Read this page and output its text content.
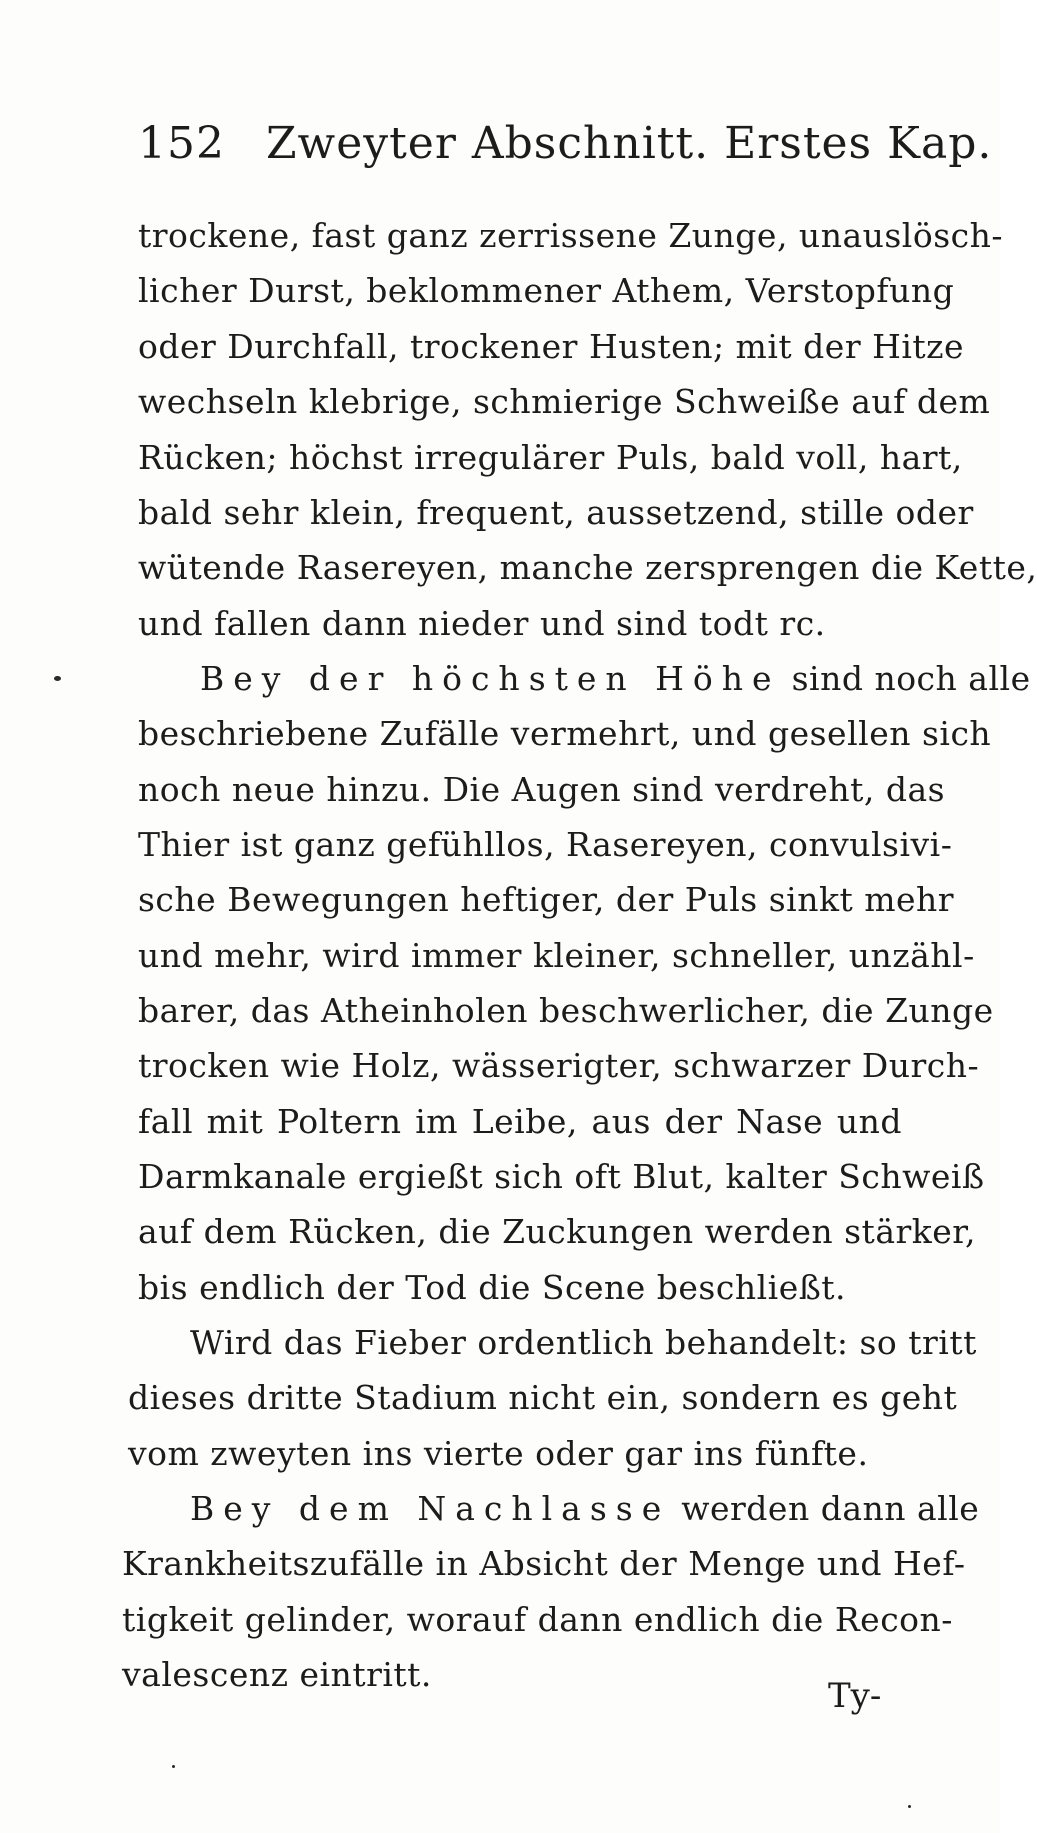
152 Zweyter Abschnitt. Erstes Kap.
trockene, fast ganz zerrissene Zunge, unauslösch-
licher Durst, beklommener Athem, Verstopfung
oder Durchfall, trockener Husten; mit der Hitze
wechseln klebrige, schmierige Schweiße auf dem
Rücken; höchst irregulärer Puls, bald voll, hart,
bald sehr klein, frequent, aussetzend, stille oder
wütende Rasereyen, manche zersprengen die Kette,
und fallen dann nieder und sind todt rc.
Bey der höchsten Höhe sind noch alle
beschriebene Zufälle vermehrt, und gesellen sich
noch neue hinzu. Die Augen sind verdreht, das
Thier ist ganz gefühllos, Rasereyen, convulsivi-
sche Bewegungen heftiger, der Puls sinkt mehr
und mehr, wird immer kleiner, schneller, unzähl-
barer, das Atheinholen beschwerlicher, die Zunge
trocken wie Holz, wässerigter, schwarzer Durch-
fall mit Poltern im Leibe, aus der Nase und
Darmkanale ergießt sich oft Blut, kalter Schweiß
auf dem Rücken, die Zuckungen werden stärker,
bis endlich der Tod die Scene beschließt.
Wird das Fieber ordentlich behandelt: so tritt
dieses dritte Stadium nicht ein, sondern es geht
vom zweyten ins vierte oder gar ins fünfte.
Bey dem Nachlasse werden dann alle
Krankheitszufälle in Absicht der Menge und Hef-
tigkeit gelinder, worauf dann endlich die Recon-
valescenz eintritt.
Ty-
